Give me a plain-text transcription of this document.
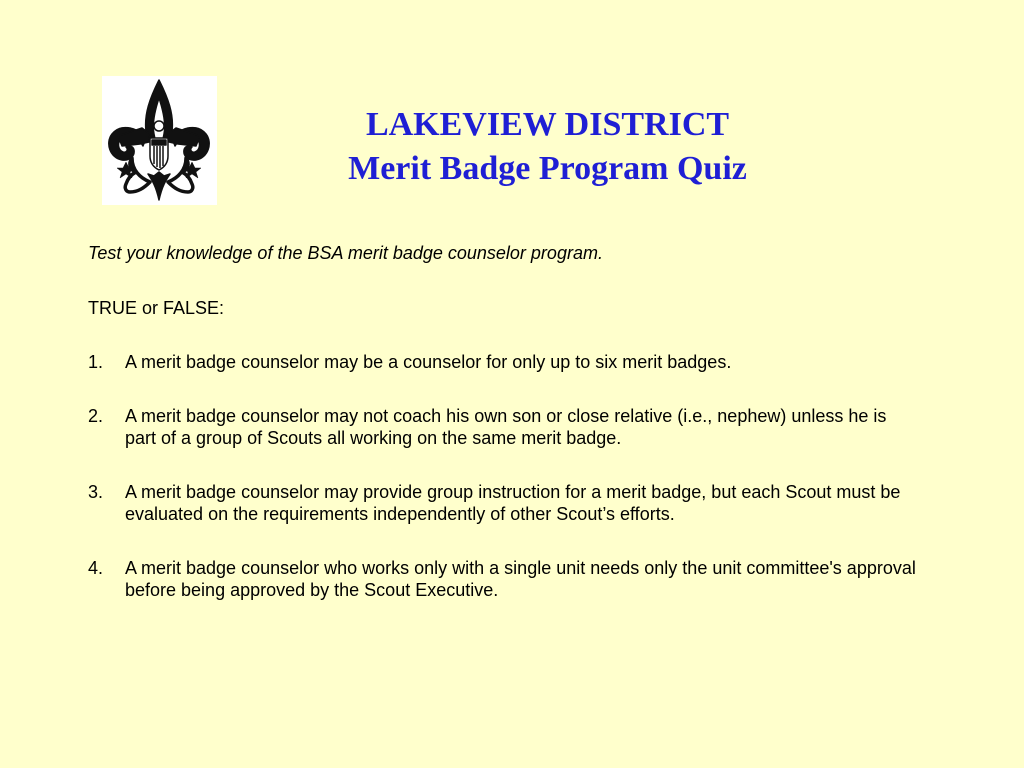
LAKEVIEW DISTRICT
Merit Badge Program Quiz
Test your knowledge of the BSA merit badge counselor program.
TRUE or FALSE:
1.	A merit badge counselor may be a counselor for only up to six merit badges.
2.	A merit badge counselor may not coach his own son or close relative (i.e., nephew) unless he is part of a group of Scouts all working on the same merit badge.
3.	A merit badge counselor may provide group instruction for a merit badge, but each Scout must be evaluated on the requirements independently of other Scout’s efforts.
4.	A merit badge counselor who works only with a single unit needs only the unit committee's approval before being approved by the Scout Executive.
